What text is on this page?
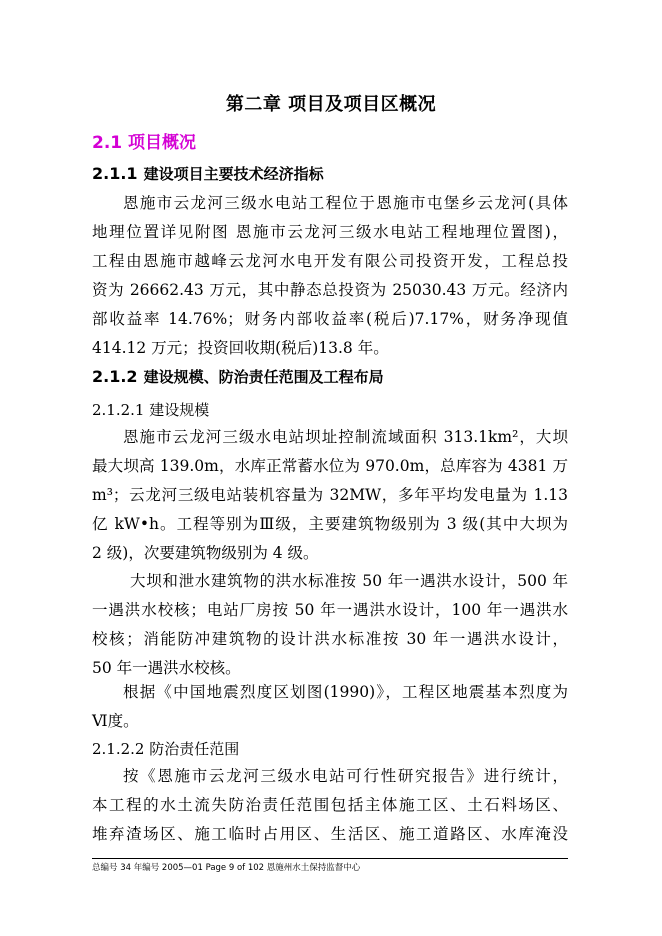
第二章 项目及项目区概况
2.1 项目概况
2.1.1 建设项目主要技术经济指标
恩施市云龙河三级水电站工程位于恩施市屯堡乡云龙河(具体
地理位置详见附图 恩施市云龙河三级水电站工程地理位置图)，
工程由恩施市越峰云龙河水电开发有限公司投资开发，工程总投
资为 26662.43 万元，其中静态总投资为 25030.43 万元。经济内
部收益率 14.76%；财务内部收益率(税后)7.17%，财务净现值
414.12 万元；投资回收期(税后)13.8 年。
2.1.2 建设规模、防治责任范围及工程布局
2.1.2.1 建设规模
恩施市云龙河三级水电站坝址控制流域面积 313.1km²，大坝
最大坝高 139.0m，水库正常蓄水位为 970.0m，总库容为 4381 万
m³；云龙河三级电站装机容量为 32MW，多年平均发电量为 1.13
亿 kW•h。工程等别为Ⅲ级，主要建筑物级别为 3 级(其中大坝为
2 级)，次要建筑物级别为 4 级。
大坝和泄水建筑物的洪水标准按 50 年一遇洪水设计，500 年
一遇洪水校核；电站厂房按 50 年一遇洪水设计，100 年一遇洪水
校核；消能防冲建筑物的设计洪水标准按 30 年一遇洪水设计，
50 年一遇洪水校核。
根据《中国地震烈度区划图(1990)》，工程区地震基本烈度为
Ⅵ度。
2.1.2.2 防治责任范围
按《恩施市云龙河三级水电站可行性研究报告》进行统计，
本工程的水土流失防治责任范围包括主体施工区、土石料场区、
堆弃渣场区、施工临时占用区、生活区、施工道路区、水库淹没
总编号 34 年编号 2005—01 Page 9 of 102 恩施州水土保持监督中心
